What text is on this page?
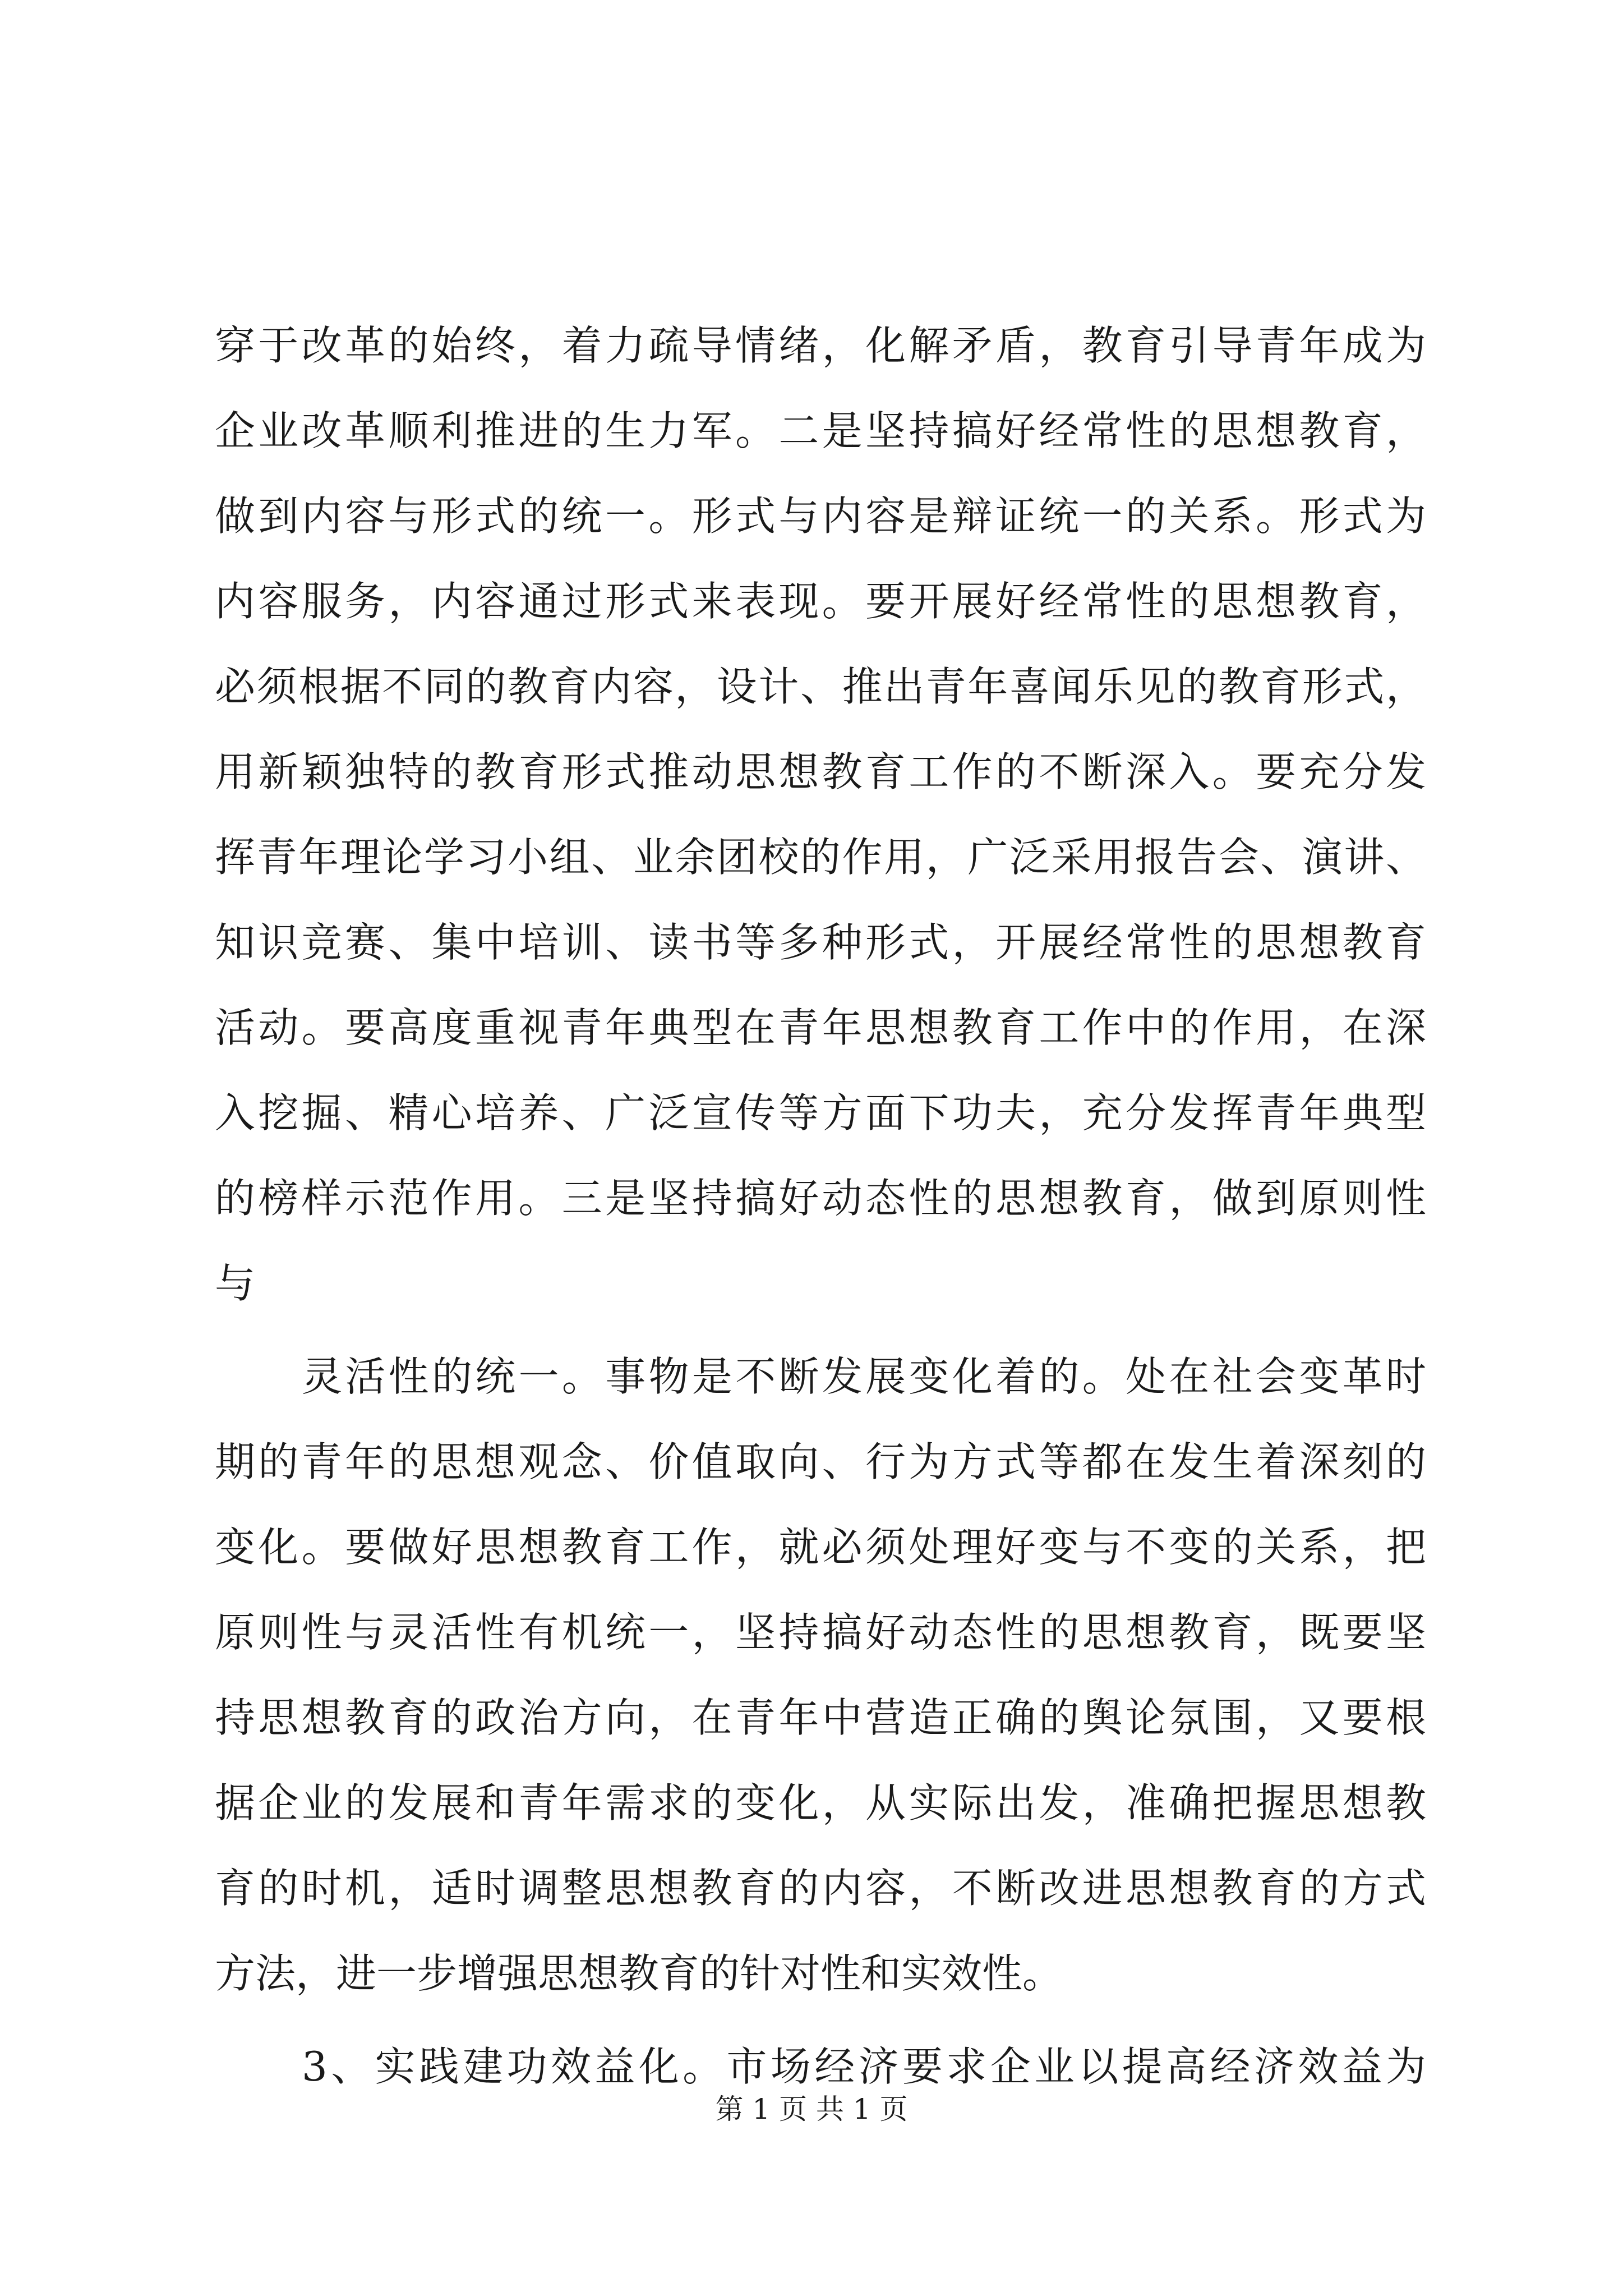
穿于改革的始终，着力疏导情绪，化解矛盾，教育引导青年成为
企业改革顺利推进的生力军。二是坚持搞好经常性的思想教育，
做到内容与形式的统一。形式与内容是辩证统一的关系。形式为
内容服务，内容通过形式来表现。要开展好经常性的思想教育，
必须根据不同的教育内容，设计、推出青年喜闻乐见的教育形式，
用新颖独特的教育形式推动思想教育工作的不断深入。要充分发
挥青年理论学习小组、业余团校的作用，广泛采用报告会、演讲、
知识竞赛、集中培训、读书等多种形式，开展经常性的思想教育
活动。要高度重视青年典型在青年思想教育工作中的作用，在深
入挖掘、精心培养、广泛宣传等方面下功夫，充分发挥青年典型
的榜样示范作用。三是坚持搞好动态性的思想教育，做到原则性
与
灵活性的统一。事物是不断发展变化着的。处在社会变革时
期的青年的思想观念、价值取向、行为方式等都在发生着深刻的
变化。要做好思想教育工作，就必须处理好变与不变的关系，把
原则性与灵活性有机统一，坚持搞好动态性的思想教育，既要坚
持思想教育的政治方向，在青年中营造正确的舆论氛围，又要根
据企业的发展和青年需求的变化，从实际出发，准确把握思想教
育的时机，适时调整思想教育的内容，不断改进思想教育的方式
方法，进一步增强思想教育的针对性和实效性。
3、实践建功效益化。市场经济要求企业以提高经济效益为
第 1 页 共 1 页
